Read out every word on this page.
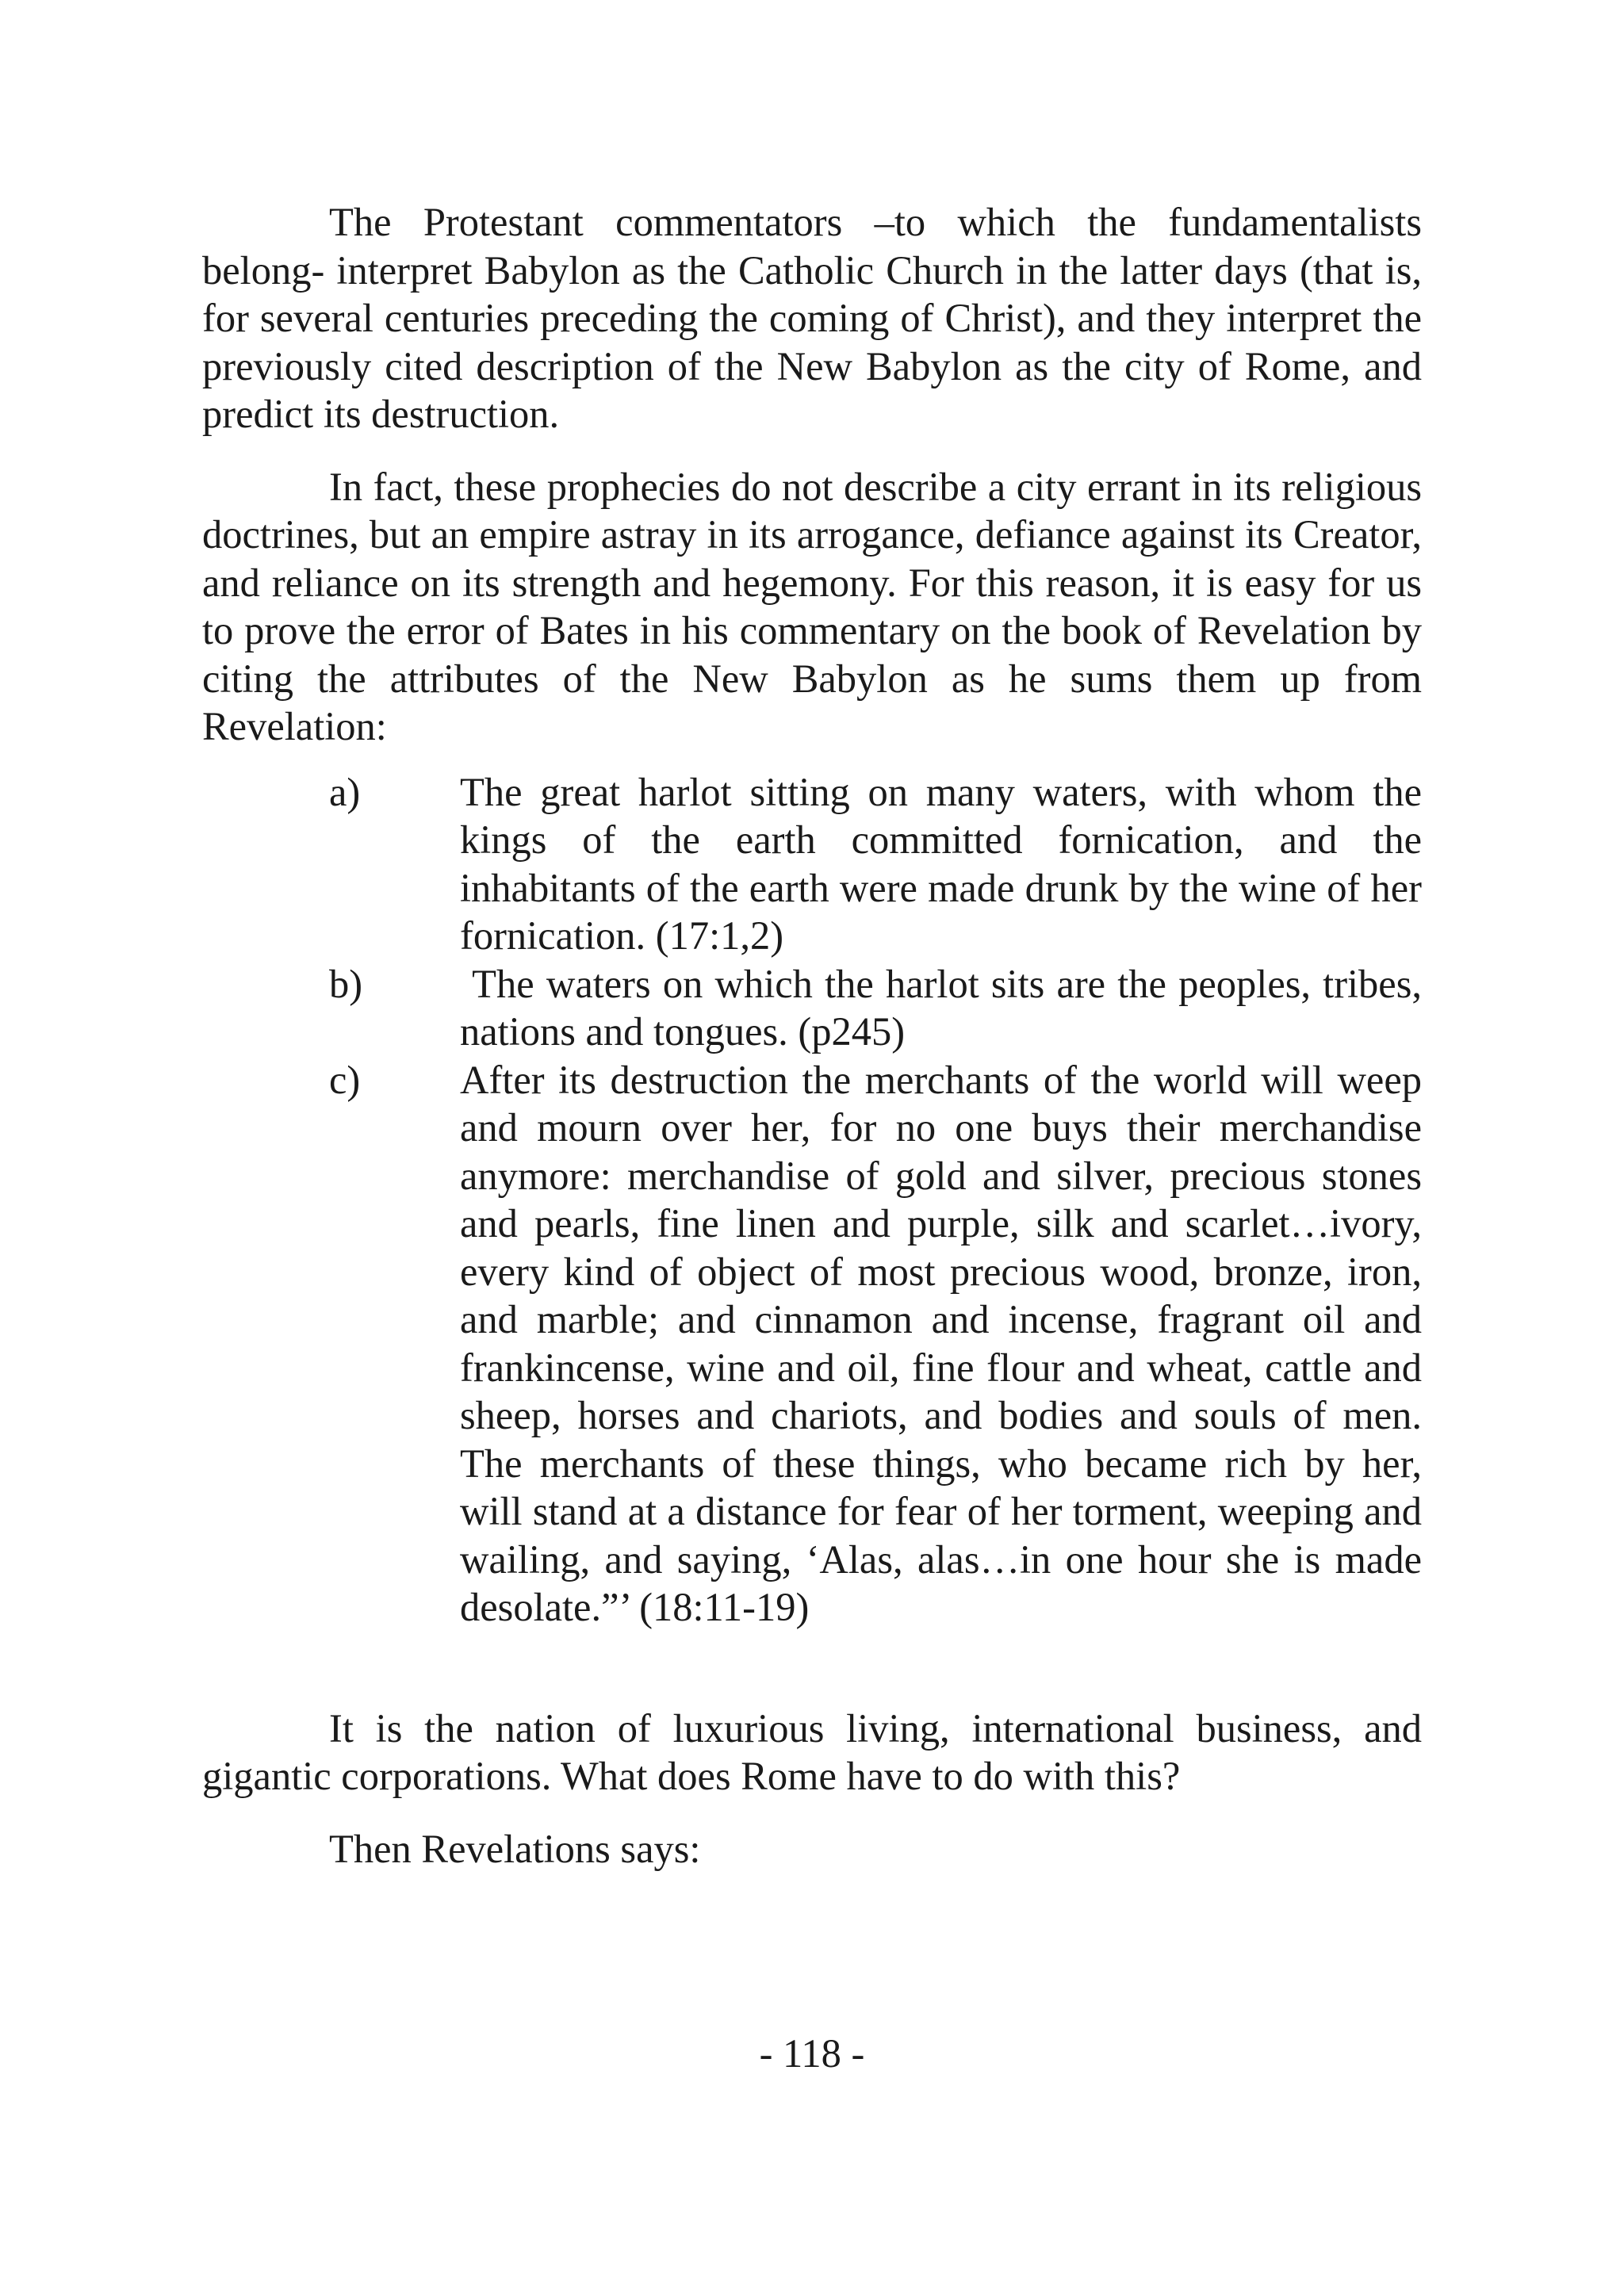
The Protestant commentators –to which the fundamentalists belong- interpret Babylon as the Catholic Church in the latter days (that is, for several centuries preceding the coming of Christ), and they interpret the previously cited description of the New Babylon as the city of Rome, and predict its destruction.

In fact, these prophecies do not describe a city errant in its religious doctrines, but an empire astray in its arrogance, defiance against its Creator, and reliance on its strength and hegemony. For this reason, it is easy for us to prove the error of Bates in his commentary on the book of Revelation by citing the attributes of the New Babylon as he sums them up from Revelation:

a)	The great harlot sitting on many waters, with whom the kings of the earth committed fornication, and the inhabitants of the earth were made drunk by the wine of her fornication. (17:1,2)
b)	The waters on which the harlot sits are the peoples, tribes, nations and tongues. (p245)
c)	After its destruction the merchants of the world will weep and mourn over her, for no one buys their merchandise anymore: merchandise of gold and silver, precious stones and pearls, fine linen and purple, silk and scarlet…ivory, every kind of object of most precious wood, bronze, iron, and marble; and cinnamon and incense, fragrant oil and frankincense, wine and oil, fine flour and wheat, cattle and sheep, horses and chariots, and bodies and souls of men. The merchants of these things, who became rich by her, will stand at a distance for fear of her torment, weeping and wailing, and saying, ‘Alas, alas…in one hour she is made desolate.”’ (18:11-19)

It is the nation of luxurious living, international business, and gigantic corporations. What does Rome have to do with this?

Then Revelations says:

- 118 -
